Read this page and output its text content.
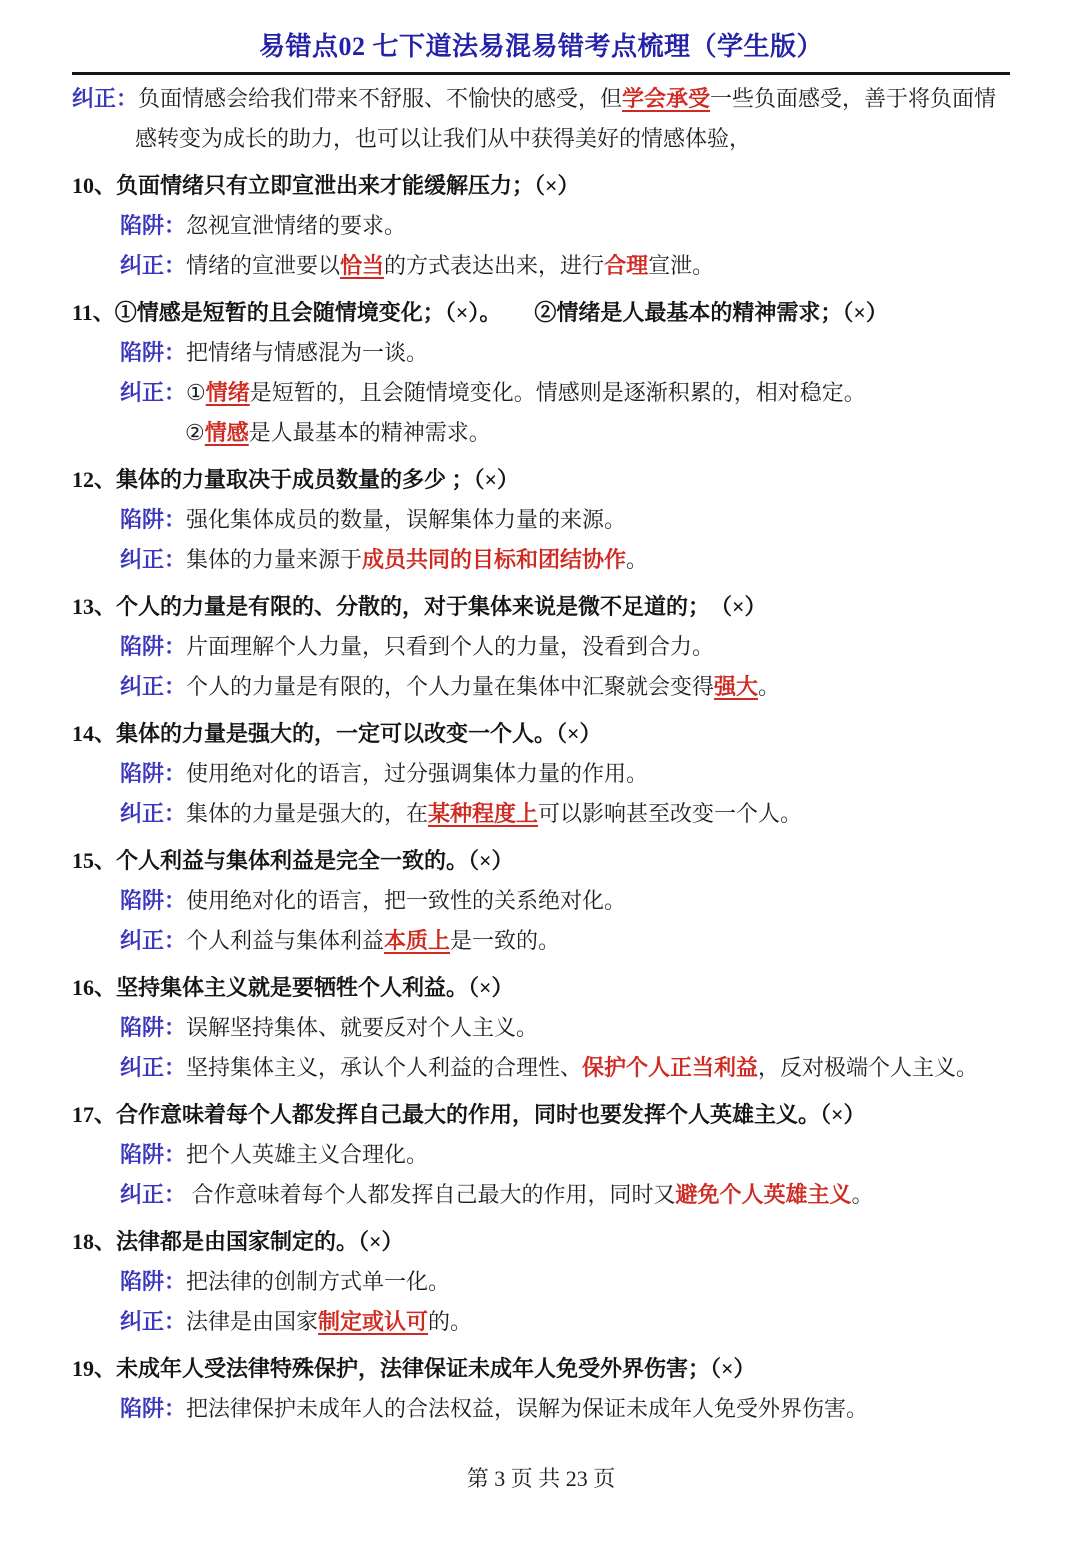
易错点02 七下道法易混易错考点梳理（学生版）
纠正：负面情感会给我们带来不舒服、不愉快的感受，但学会承受一些负面感受，善于将负面情
感转变为成长的助力，也可以让我们从中获得美好的情感体验，
10、负面情绪只有立即宣泄出来才能缓解压力；（×）
陷阱：忽视宣泄情绪的要求。
纠正：情绪的宣泄要以恰当的方式表达出来，进行合理宣泄。
11、①情感是短暂的且会随情境变化；（×）。　　②情绪是人最基本的精神需求；（×）
陷阱：把情绪与情感混为一谈。
纠正：①情绪是短暂的，且会随情境变化。情感则是逐渐积累的，相对稳定。
②情感是人最基本的精神需求。
12、集体的力量取决于成员数量的多少 ；（×）
陷阱：强化集体成员的数量，误解集体力量的来源。
纠正：集体的力量来源于成员共同的目标和团结协作。
13、个人的力量是有限的、分散的，对于集体来说是微不足道的；　（×）
陷阱：片面理解个人力量，只看到个人的力量，没看到合力。
纠正：个人的力量是有限的，个人力量在集体中汇聚就会变得强大。
14、集体的力量是强大的，一定可以改变一个人。（×）
陷阱：使用绝对化的语言，过分强调集体力量的作用。
纠正：集体的力量是强大的，在某种程度上可以影响甚至改变一个人。
15、个人利益与集体利益是完全一致的。（×）
陷阱：使用绝对化的语言，把一致性的关系绝对化。
纠正：个人利益与集体利益本质上是一致的。
16、坚持集体主义就是要牺牲个人利益。（×）
陷阱：误解坚持集体、就要反对个人主义。
纠正：坚持集体主义，承认个人利益的合理性、保护个人正当利益，反对极端个人主义。
17、合作意味着每个人都发挥自己最大的作用，同时也要发挥个人英雄主义。（×）
陷阱：把个人英雄主义合理化。
纠正： 合作意味着每个人都发挥自己最大的作用，同时又避免个人英雄主义。
18、法律都是由国家制定的。（×）
陷阱：把法律的创制方式单一化。
纠正：法律是由国家制定或认可的。
19、未成年人受法律特殊保护，法律保证未成年人免受外界伤害；（×）
陷阱：把法律保护未成年人的合法权益，误解为保证未成年人免受外界伤害。
第 3 页 共 23 页
